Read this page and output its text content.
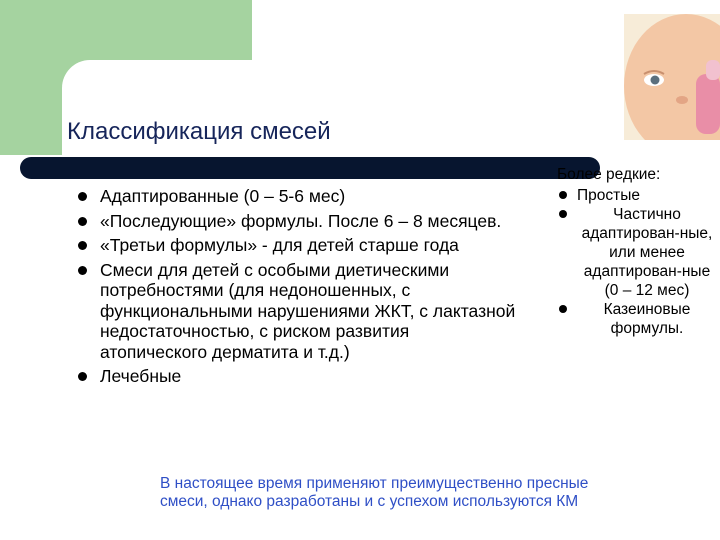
Классификация смесей
Адаптированные (0 – 5-6 мес)
«Последующие» формулы. После 6 – 8 месяцев.
«Третьи формулы» - для детей старше года
Смеси для детей с особыми диетическими потребностями (для недоношенных, с функциональными нарушениями ЖКТ, с лактазной недостаточностью, с риском развития атопического дерматита и т.д.)
Лечебные

Более редкие:

Простые
Частично адаптирован-ные, или менее адаптирован-ные (0 – 12 мес)
Казеиновые формулы.

В настоящее время применяют преимущественно пресные смеси, однако разработаны и с успехом используются КМ
